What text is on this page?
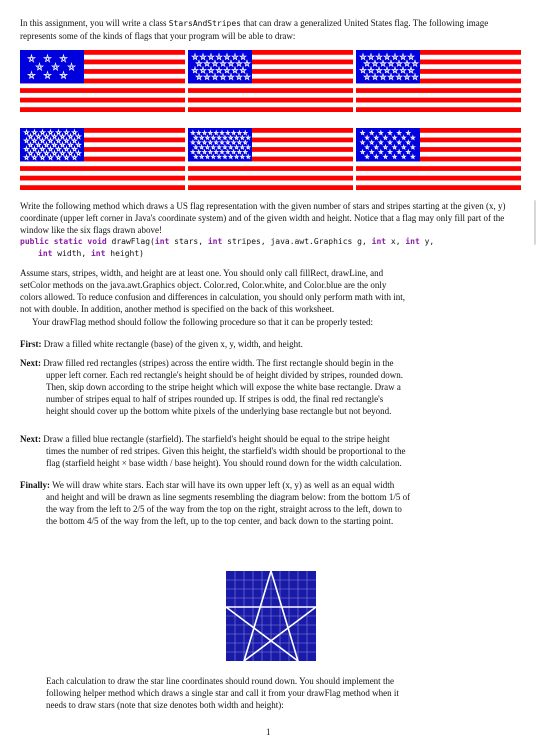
In this assignment, you will write a class StarsAndStripes that can draw a generalized United States flag. The following image represents some of the kinds of flags that your program will be able to draw:
Write the following method which draws a US flag representation with the given number of stars and stripes starting at the given (x, y) coordinate (upper left corner in Java's coordinate system) and of the given width and height. Notice that a flag may only fill part of the window like the six flags drawn above!
public static void drawFlag(int stars, int stripes, java.awt.Graphics g, int x, int y,
int width, int height)
Assume stars, stripes, width, and height are at least one. You should only call fillRect, drawLine, and
setColor methods on the java.awt.Graphics object. Color.red, Color.white, and Color.blue are the only
colors allowed. To reduce confusion and differences in calculation, you should only perform math with int,
not with double. In addition, another method is specified on the back of this worksheet.
Your drawFlag method should follow the following procedure so that it can be properly tested:
First: Draw a filled white rectangle (base) of the given x, y, width, and height.
Next: Draw filled red rectangles (stripes) across the entire width. The first rectangle should begin in the
upper left corner. Each red rectangle's height should be of height divided by stripes, rounded down.
Then, skip down according to the stripe height which will expose the white base rectangle. Draw a
number of stripes equal to half of stripes rounded up. If stripes is odd, the final red rectangle's
height should cover up the bottom white pixels of the underlying base rectangle but not beyond.
Next: Draw a filled blue rectangle (starfield). The starfield's height should be equal to the stripe height
times the number of red stripes. Given this height, the starfield's width should be proportional to the
flag (starfield height × base width / base height). You should round down for the width calculation.
Finally: We will draw white stars. Each star will have its own upper left (x, y) as well as an equal width
and height and will be drawn as line segments resembling the diagram below: from the bottom 1/5 of
the way from the left to 2/5 of the way from the top on the right, straight across to the left, down to
the bottom 4/5 of the way from the left, up to the top center, and back down to the starting point.
Each calculation to draw the star line coordinates should round down. You should implement the
following helper method which draws a single star and call it from your drawFlag method when it
needs to draw stars (note that size denotes both width and height):
1
